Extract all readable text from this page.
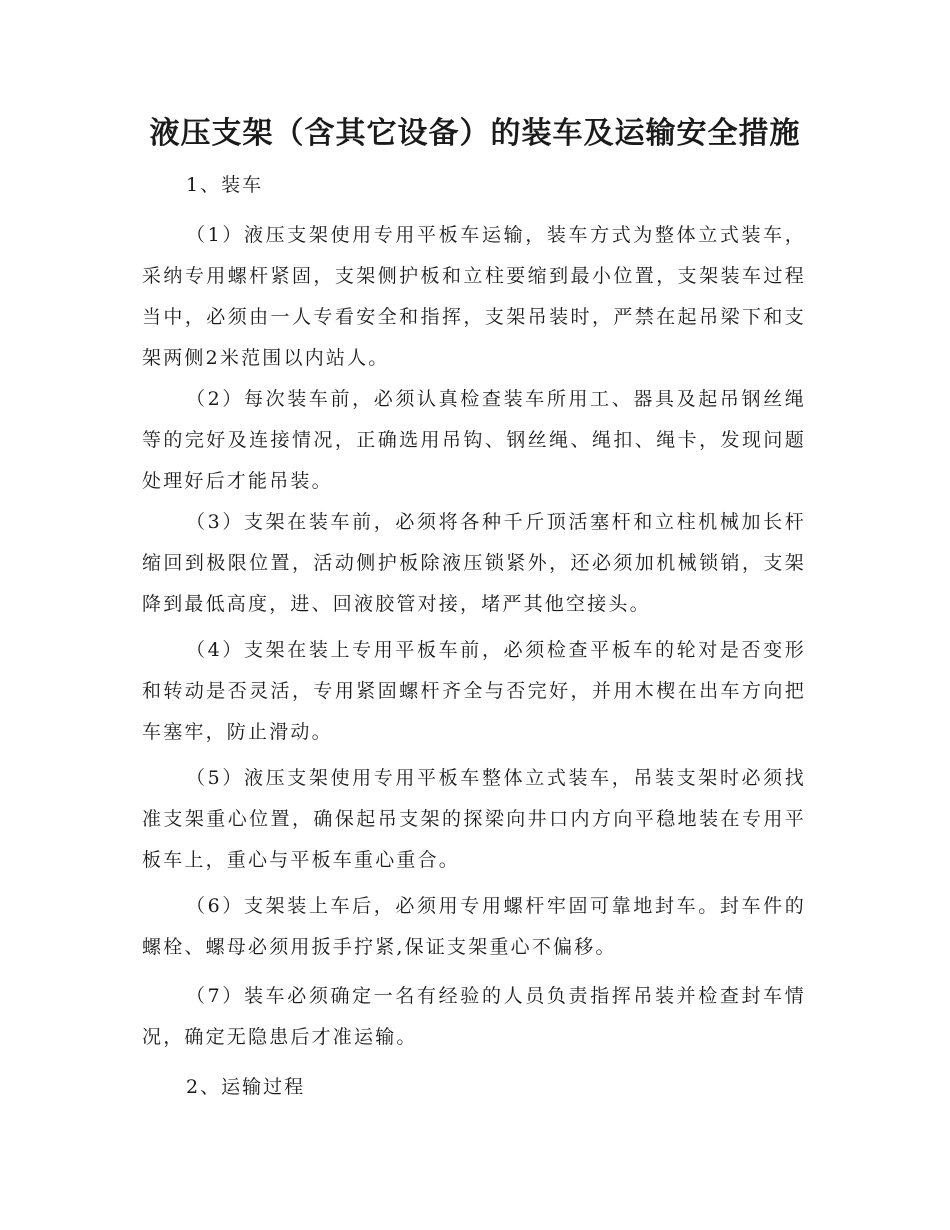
液压支架（含其它设备）的装车及运输安全措施

1、装车

（1）液压支架使用专用平板车运输，装车方式为整体立式装车，采纳专用螺杆紧固，支架侧护板和立柱要缩到最小位置，支架装车过程当中，必须由一人专看安全和指挥，支架吊装时，严禁在起吊梁下和支架两侧2米范围以内站人。

（2）每次装车前，必须认真检查装车所用工、器具及起吊钢丝绳等的完好及连接情况，正确选用吊钩、钢丝绳、绳扣、绳卡，发现问题处理好后才能吊装。

（3）支架在装车前，必须将各种千斤顶活塞杆和立柱机械加长杆缩回到极限位置，活动侧护板除液压锁紧外，还必须加机械锁销，支架降到最低高度，进、回液胶管对接，堵严其他空接头。

（4）支架在装上专用平板车前，必须检查平板车的轮对是否变形和转动是否灵活，专用紧固螺杆齐全与否完好，并用木楔在出车方向把车塞牢，防止滑动。

（5）液压支架使用专用平板车整体立式装车，吊装支架时必须找准支架重心位置，确保起吊支架的探梁向井口内方向平稳地装在专用平板车上，重心与平板车重心重合。

（6）支架装上车后，必须用专用螺杆牢固可靠地封车。封车件的螺栓、螺母必须用扳手拧紧,保证支架重心不偏移。

（7）装车必须确定一名有经验的人员负责指挥吊装并检查封车情况，确定无隐患后才准运输。

2、运输过程
